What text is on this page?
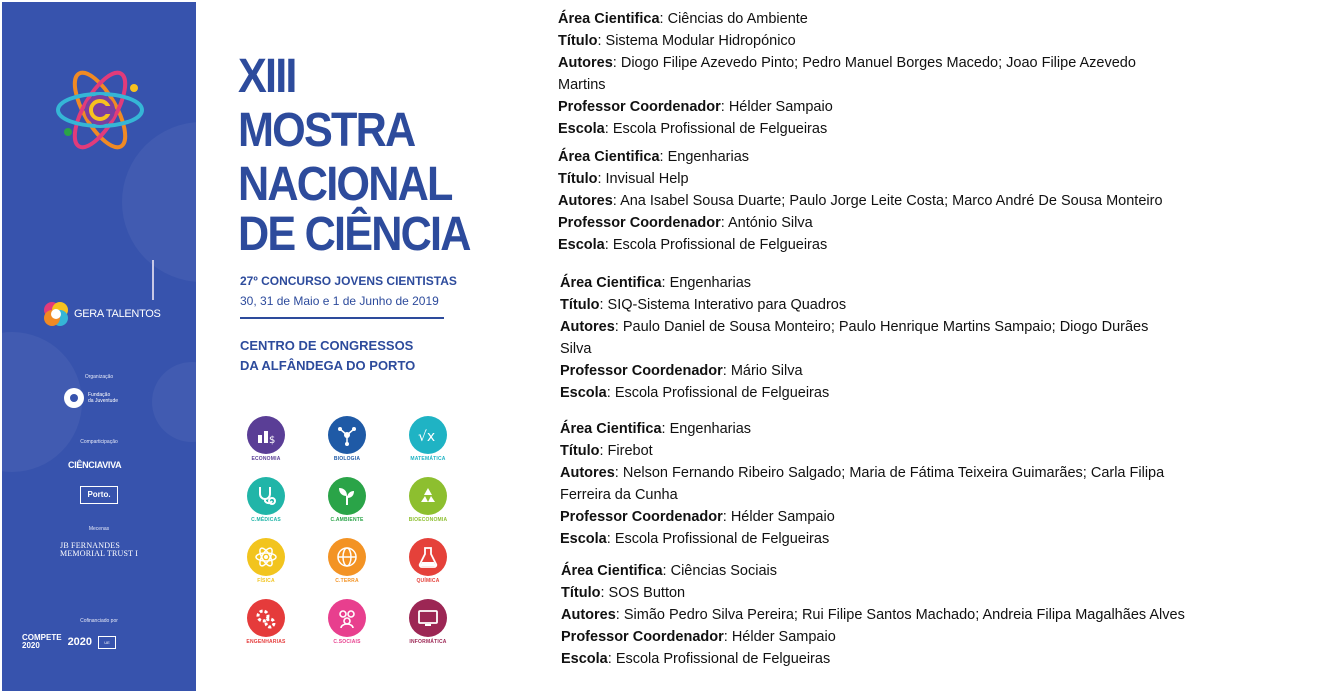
GERA TALENTOS
Organização
Fundação
da Juventude
Comparticipação
CIÊNCIAVIVA
Porto.
Mecenas
JB FERNANDES
MEMORIAL TRUST I
Cofinanciado por
COMPETE
2020	2020	UE
XIII
MOSTRA
NACIONAL
DE CIÊNCIA
27º CONCURSO JOVENS CIENTISTAS
30, 31 de Maio e 1 de Junho de 2019
CENTRO DE CONGRESSOS
DA ALFÂNDEGA DO PORTO
$
ECONOMIA	BIOLOGIA
√x
MATEMÁTICA
C.MÉDICAS	C.AMBIENTE	BIOECONOMIA
FÍSICA	C.TERRA	QUÍMICA
ENGENHARIAS	C.SOCIAIS	INFORMÁTICA

Área Cientifica: Ciências do Ambiente

Título: Sistema Modular Hidropónico

Autores: Diogo Filipe Azevedo Pinto; Pedro Manuel Borges Macedo; Joao Filipe Azevedo

Martins

Professor Coordenador: Hélder Sampaio

Escola: Escola Profissional de Felgueiras

Área Cientifica: Engenharias

Título: Invisual Help

Autores: Ana Isabel Sousa Duarte; Paulo Jorge Leite Costa; Marco André De Sousa Monteiro

Professor Coordenador: António Silva

Escola: Escola Profissional de Felgueiras

Área Cientifica: Engenharias

Título: SIQ-Sistema Interativo para Quadros

Autores: Paulo Daniel de Sousa Monteiro; Paulo Henrique Martins Sampaio; Diogo Durães

Silva

Professor Coordenador: Mário Silva

Escola: Escola Profissional de Felgueiras

Área Cientifica: Engenharias

Título: Firebot

Autores: Nelson Fernando Ribeiro Salgado; Maria de Fátima Teixeira Guimarães; Carla Filipa

Ferreira da Cunha

Professor Coordenador: Hélder Sampaio

Escola: Escola Profissional de Felgueiras

Área Cientifica: Ciências Sociais

Título: SOS Button

Autores: Simão Pedro Silva Pereira; Rui Filipe Santos Machado; Andreia Filipa Magalhães Alves

Professor Coordenador: Hélder Sampaio

Escola: Escola Profissional de Felgueiras
